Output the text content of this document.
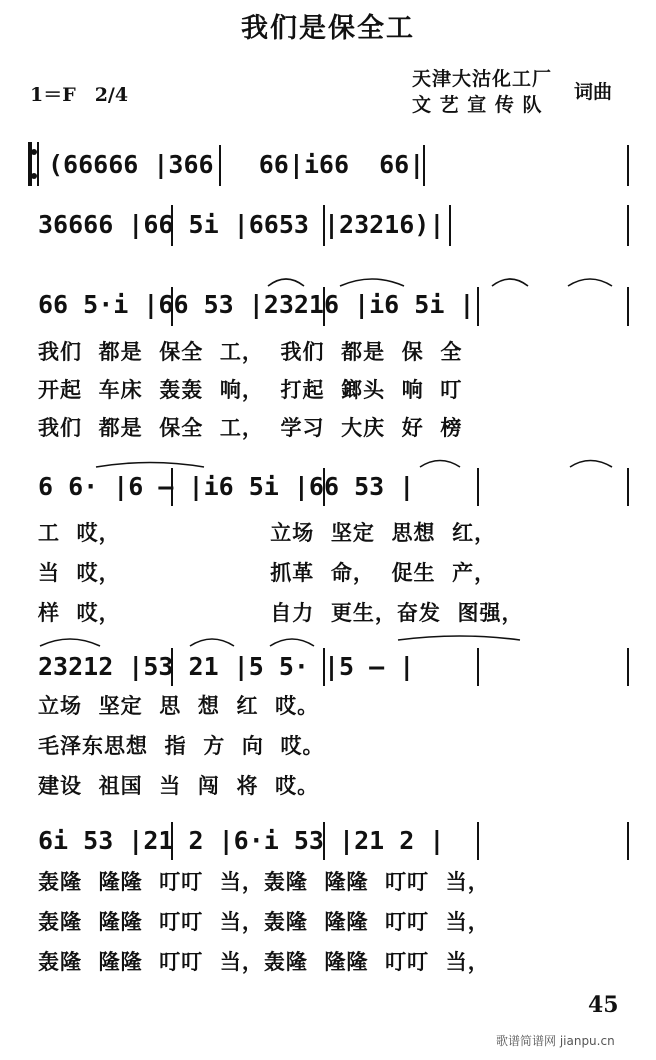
我们是保全工
1＝F　2/4
天津大沽化工厂
文 艺 宣 传 队
词曲
(66666 |366   66|i66  66|
36666 |66 5i |6653 |23216)|
66 5·i |66 53 |23216 |i6 5i |
我们  都是  保全  工，  我们  都是  保  全
开起  车床  轰轰  响，  打起  鎯头  响  叮
我们  都是  保全  工，  学习  大庆  好  榜
6 6· |6 — |i6 5i |66 53 |
工  哎，                  立场  坚定  思想  红，
当  哎，                  抓革  命，  促生  产，
样  哎，                  自力  更生，奋发  图强，
23212 |53 21 |5 5· |5 — |
立场  坚定  思  想  红  哎。
毛泽东思想  指  方  向  哎。
建设  祖国  当  闯  将  哎。
6i 53 |21 2 |6·i 53 |21 2 |
轰隆  隆隆  叮叮  当，轰隆  隆隆  叮叮  当，
轰隆  隆隆  叮叮  当，轰隆  隆隆  叮叮  当，
轰隆  隆隆  叮叮  当，轰隆  隆隆  叮叮  当，
45
歌谱简谱网 jianpu.cn
